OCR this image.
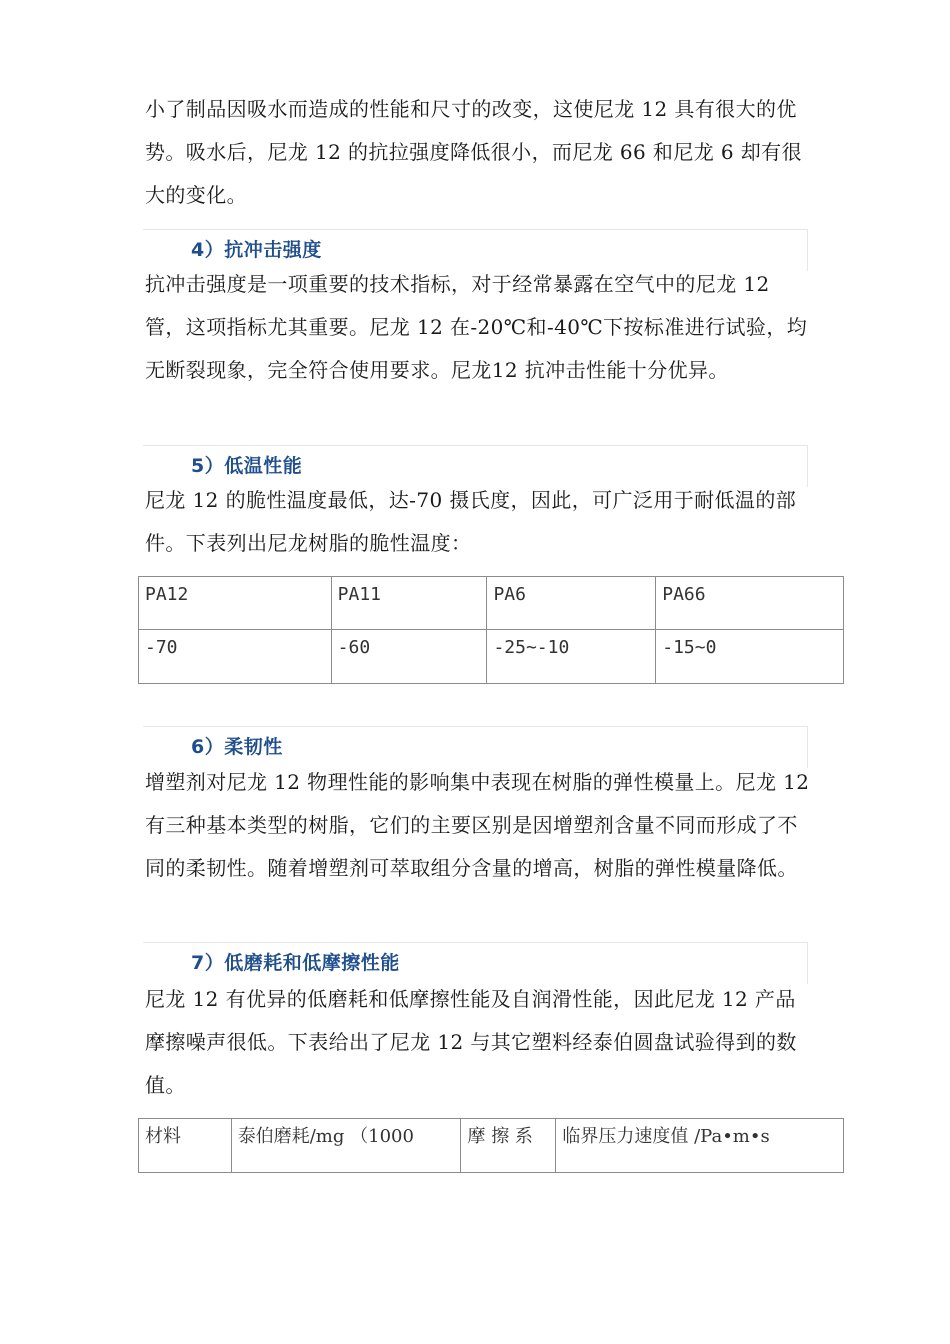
小了制品因吸水而造成的性能和尺寸的改变，这使尼龙 12 具有很大的优势。吸水后，尼龙 12 的抗拉强度降低很小，而尼龙 66 和尼龙 6 却有很大的变化。
4）抗冲击强度
抗冲击强度是一项重要的技术指标，对于经常暴露在空气中的尼龙 12 管，这项指标尤其重要。尼龙 12 在-20℃和-40℃下按标准进行试验，均无断裂现象，完全符合使用要求。尼龙12 抗冲击性能十分优异。
5）低温性能
尼龙 12 的脆性温度最低，达-70 摄氏度，因此，可广泛用于耐低温的部件。下表列出尼龙树脂的脆性温度：
PA12	PA11	PA6	PA66
-70	-60	-25~-10	-15~0
6）柔韧性
增塑剂对尼龙 12 物理性能的影响集中表现在树脂的弹性模量上。尼龙 12 有三种基本类型的树脂，它们的主要区别是因增塑剂含量不同而形成了不同的柔韧性。随着增塑剂可萃取组分含量的增高，树脂的弹性模量降低。
7）低磨耗和低摩擦性能
尼龙 12 有优异的低磨耗和低摩擦性能及自润滑性能，因此尼龙 12 产品摩擦噪声很低。下表给出了尼龙 12 与其它塑料经泰伯圆盘试验得到的数值。
材料	泰伯磨耗/mg （1000	摩 擦 系	临界压力速度值 /Pa•m•s
